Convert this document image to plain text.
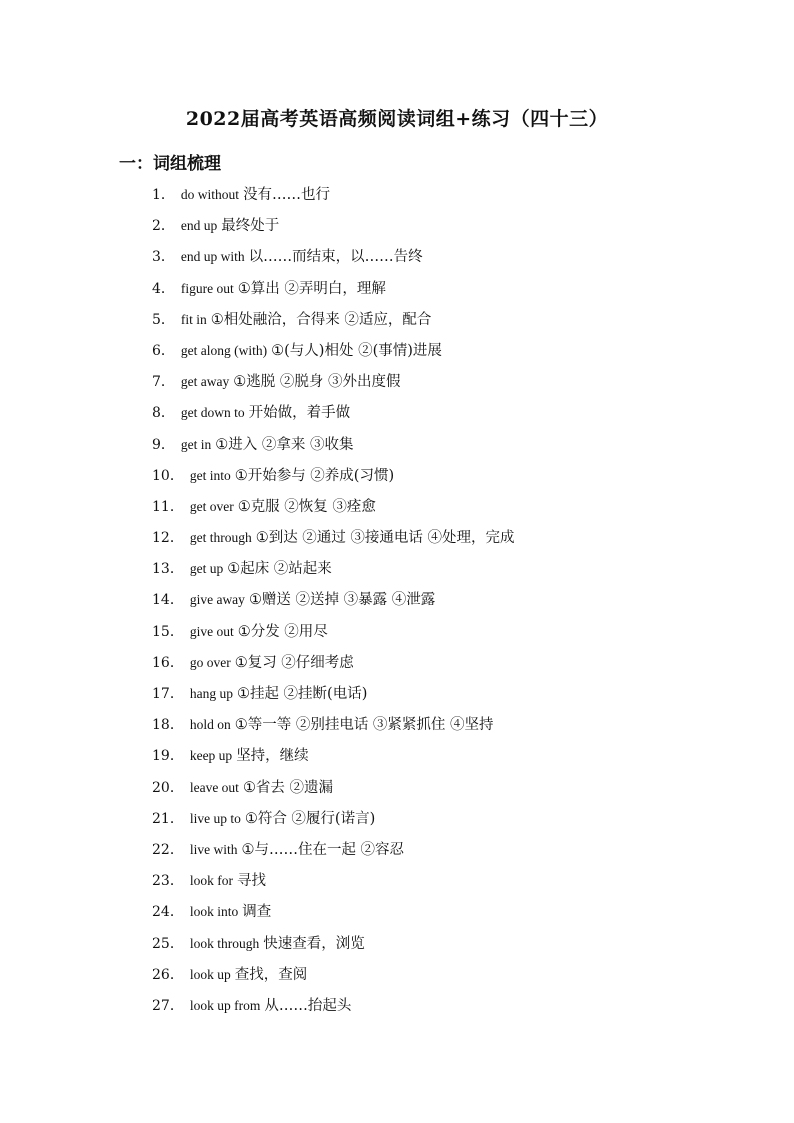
2022届高考英语高频阅读词组+练习（四十三）
一：词组梳理
1． do without 没有……也行
2． end up 最终处于
3． end up with 以……而结束，以……告终
4． figure out ①算出 ②弄明白，理解
5． fit in ①相处融洽，合得来 ②适应，配合
6． get along (with) ①(与人)相处 ②(事情)进展
7． get away ①逃脱 ②脱身 ③外出度假
8． get down to 开始做，着手做
9． get in ①进入 ②拿来 ③收集
10． get into ①开始参与 ②养成(习惯)
11． get over ①克服 ②恢复 ③痊愈
12． get through ①到达 ②通过 ③接通电话 ④处理，完成
13． get up ①起床 ②站起来
14． give away ①赠送 ②送掉 ③暴露 ④泄露
15． give out ①分发 ②用尽
16． go over ①复习 ②仔细考虑
17． hang up ①挂起 ②挂断(电话)
18． hold on ①等一等 ②别挂电话 ③紧紧抓住 ④坚持
19． keep up 坚持，继续
20． leave out ①省去 ②遗漏
21． live up to ①符合 ②履行(诺言)
22． live with ①与……住在一起 ②容忍
23． look for 寻找
24． look into 调查
25． look through 快速查看，浏览
26． look up 查找，查阅
27． look up from 从……抬起头
